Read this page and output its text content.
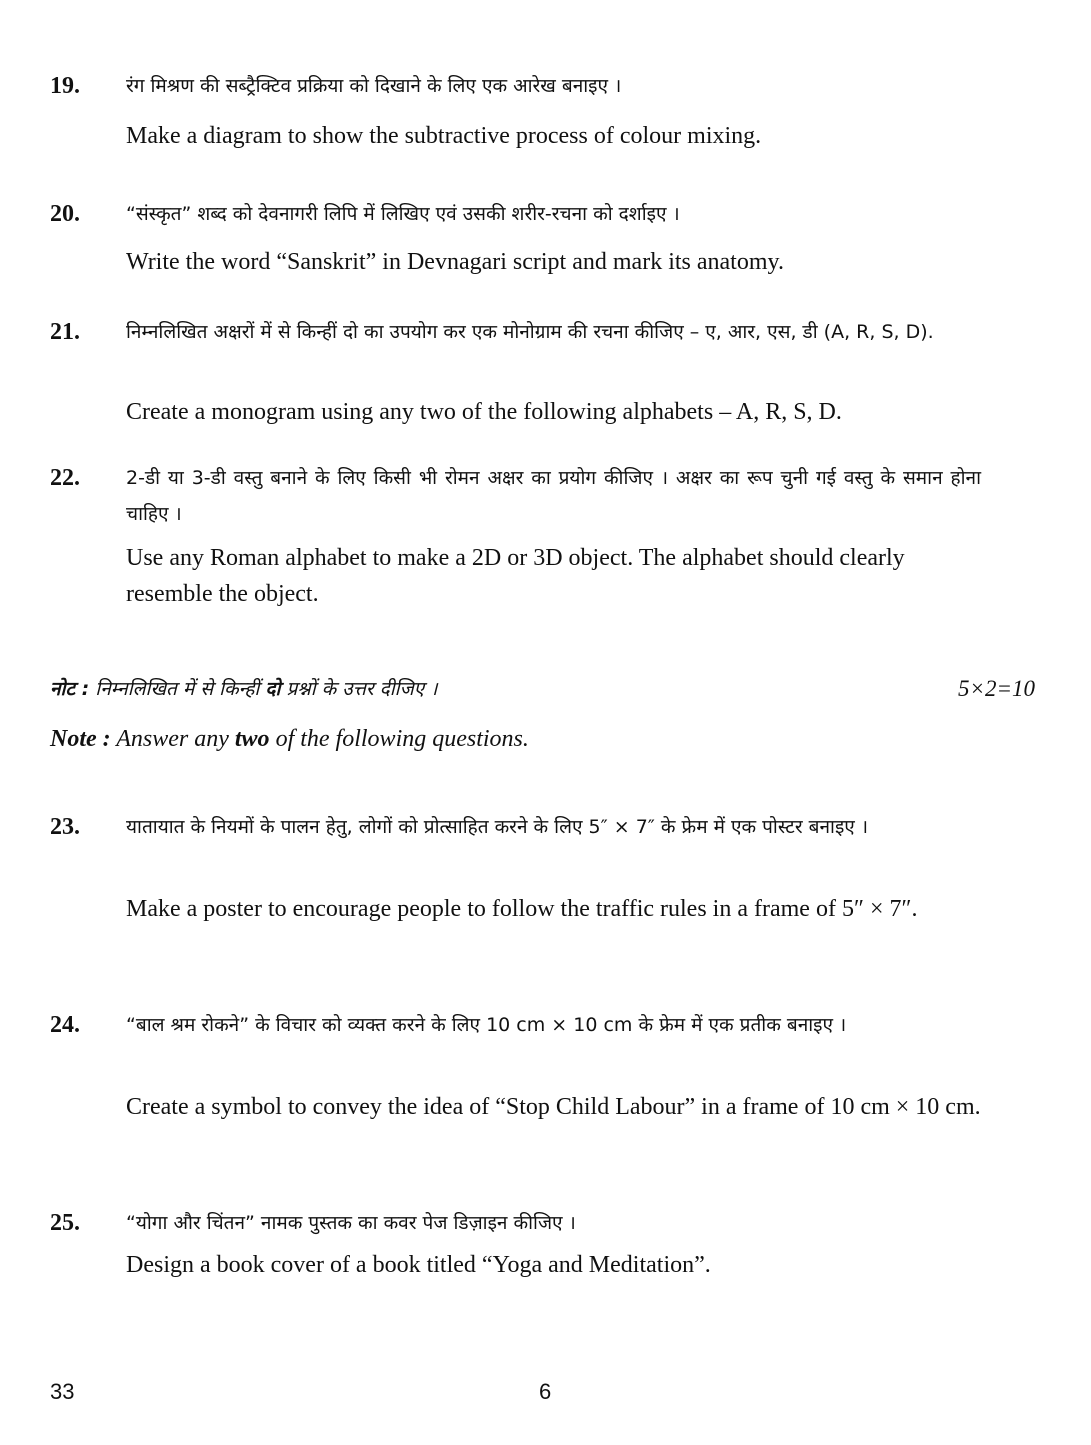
19. रंग मिश्रण की सब्ट्रैक्टिव प्रक्रिया को दिखाने के लिए एक आरेख बनाइए ।
Make a diagram to show the subtractive process of colour mixing.
20. “संस्कृत” शब्द को देवनागरी लिपि में लिखिए एवं उसकी शरीर-रचना को दर्शाइए ।
Write the word “Sanskrit” in Devnagari script and mark its anatomy.
21. निम्नलिखित अक्षरों में से किन्हीं दो का उपयोग कर एक मोनोग्राम की रचना कीजिए – ए, आर, एस, डी (A, R, S, D).
Create a monogram using any two of the following alphabets – A, R, S, D.
22. 2-डी या 3-डी वस्तु बनाने के लिए किसी भी रोमन अक्षर का प्रयोग कीजिए । अक्षर का रूप चुनी गई वस्तु के समान होना चाहिए ।
Use any Roman alphabet to make a 2D or 3D object. The alphabet should clearly resemble the object.
नोट : निम्नलिखित में से किन्हीं दो प्रश्नों के उत्तर दीजिए ।	5×2=10
Note : Answer any two of the following questions.
23. यातायात के नियमों के पालन हेतु, लोगों को प्रोत्साहित करने के लिए 5″ × 7″ के फ्रेम में एक पोस्टर बनाइए ।
Make a poster to encourage people to follow the traffic rules in a frame of 5″ × 7″.
24. “बाल श्रम रोकने” के विचार को व्यक्त करने के लिए 10 cm × 10 cm के फ्रेम में एक प्रतीक बनाइए ।
Create a symbol to convey the idea of “Stop Child Labour” in a frame of 10 cm × 10 cm.
25. “योगा और चिंतन” नामक पुस्तक का कवर पेज डिज़ाइन कीजिए ।
Design a book cover of a book titled “Yoga and Meditation”.
33	6
